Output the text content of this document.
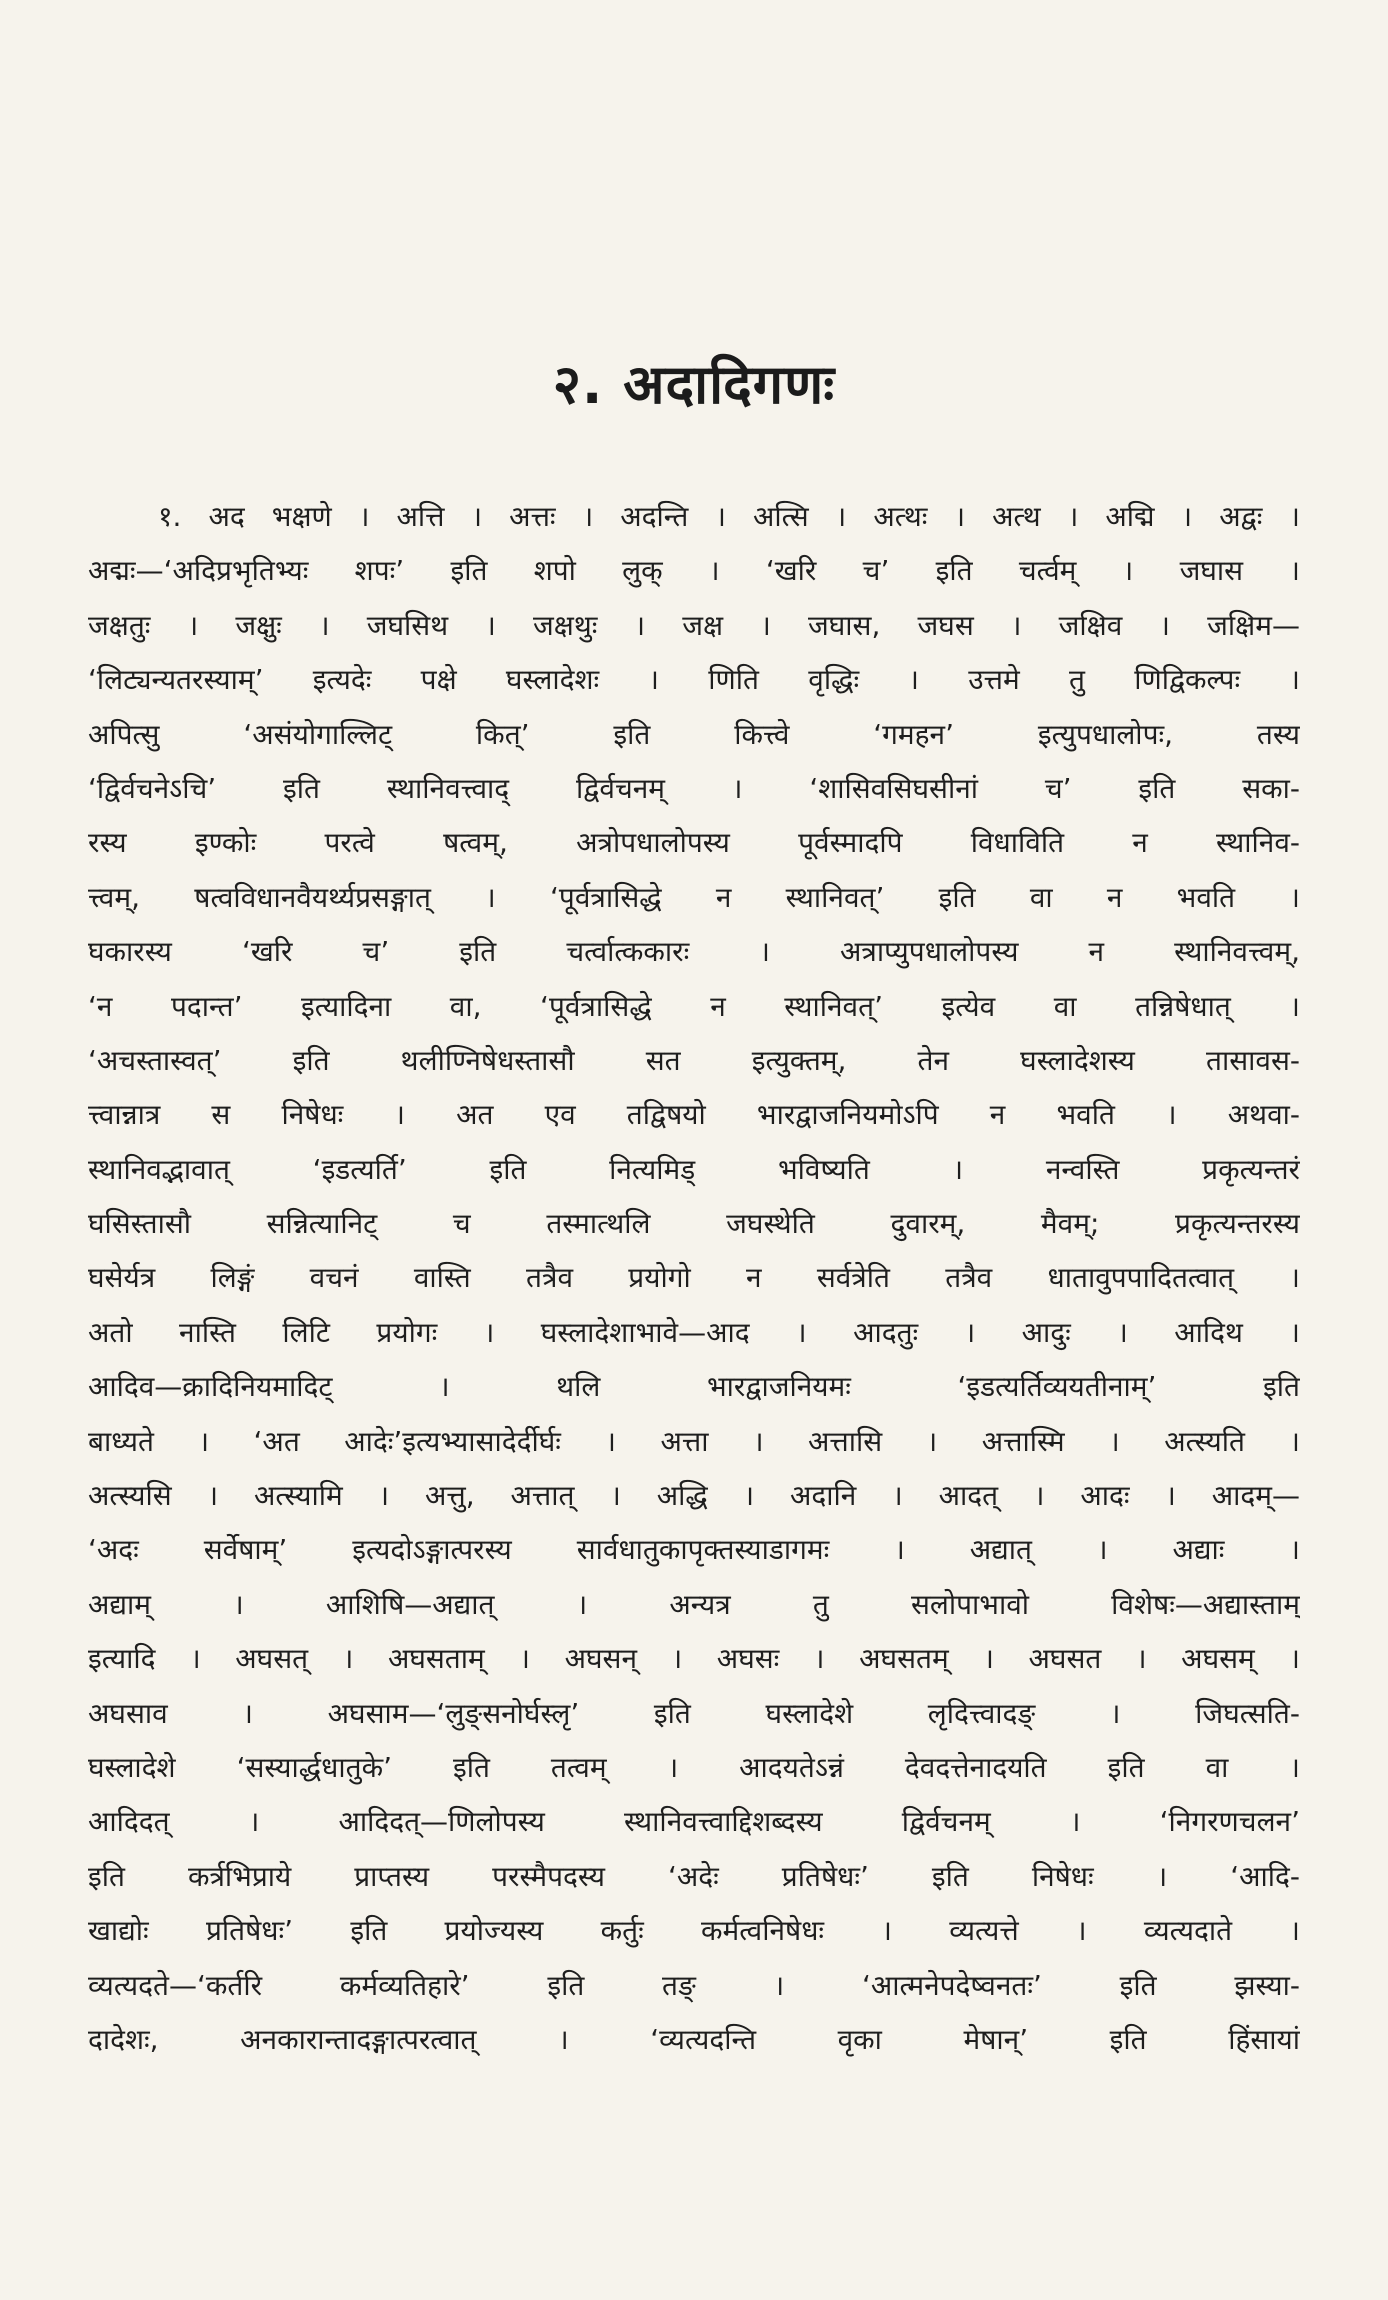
२. अदादिगणः
१. अद भक्षणे । अत्ति । अत्तः । अदन्ति । अत्सि । अत्थः । अत्थ । अद्मि । अद्वः ।
अद्मः—‘अदिप्रभृतिभ्यः शपः’ इति शपो लुक् । ‘खरि च’ इति चर्त्वम् । जघास ।
जक्षतुः । जक्षुः । जघसिथ । जक्षथुः । जक्ष । जघास, जघस । जक्षिव । जक्षिम—
‘लिट्यन्यतरस्याम्’ इत्यदेः पक्षे घस्लादेशः । णिति वृद्धिः । उत्तमे तु णिद्विकल्पः ।
अपित्सु ‘असंयोगाल्लिट् कित्’ इति कित्त्वे ‘गमहन’ इत्युपधालोपः, तस्य
‘द्विर्वचनेऽचि’ इति स्थानिवत्त्वाद् द्विर्वचनम् । ‘शासिवसिघसीनां च’ इति सका-
रस्य इण्कोः परत्वे षत्वम्, अत्रोपधालोपस्य पूर्वस्मादपि विधाविति न स्थानिव-
त्त्वम्, षत्वविधानवैयर्थ्यप्रसङ्गात् । ‘पूर्वत्रासिद्धे न स्थानिवत्’ इति वा न भवति ।
घकारस्य ‘खरि च’ इति चर्त्वात्ककारः । अत्राप्युपधालोपस्य न स्थानिवत्त्वम्,
‘न पदान्त’ इत्यादिना वा, ‘पूर्वत्रासिद्धे न स्थानिवत्’ इत्येव वा तन्निषेधात् ।
‘अचस्तास्वत्’ इति थलीण्निषेधस्तासौ सत इत्युक्तम्, तेन घस्लादेशस्य तासावस-
त्त्वान्नात्र स निषेधः । अत एव तद्विषयो भारद्वाजनियमोऽपि न भवति । अथवा-
स्थानिवद्भावात् ‘इडत्यर्ति’ इति नित्यमिड् भविष्यति । नन्वस्ति प्रकृत्यन्तरं
घसिस्तासौ सन्नित्यानिट् च तस्मात्थलि जघस्थेति दुवारम्, मैवम्; प्रकृत्यन्तरस्य
घसेर्यत्र लिङ्गं वचनं वास्ति तत्रैव प्रयोगो न सर्वत्रेति तत्रैव धातावुपपादितत्वात् ।
अतो नास्ति लिटि प्रयोगः । घस्लादेशाभावे—आद । आदतुः । आदुः । आदिथ ।
आदिव—क्रादिनियमादिट् । थलि भारद्वाजनियमः ‘इडत्यर्तिव्ययतीनाम्’ इति
बाध्यते । ‘अत आदेः’इत्यभ्यासादेर्दीर्घः । अत्ता । अत्तासि । अत्तास्मि । अत्स्यति ।
अत्स्यसि । अत्स्यामि । अत्तु, अत्तात् । अद्धि । अदानि । आदत् । आदः । आदम्—
‘अदः सर्वेषाम्’ इत्यदोऽङ्गात्परस्य सार्वधातुकापृक्तस्याडागमः । अद्यात् । अद्याः ।
अद्याम् । आशिषि—अद्यात् । अन्यत्र तु सलोपाभावो विशेषः—अद्यास्ताम्
इत्यादि । अघसत् । अघसताम् । अघसन् । अघसः । अघसतम् । अघसत । अघसम् ।
अघसाव । अघसाम—‘लुङ्सनोर्घस्लृ’ इति घस्लादेशे लृदित्त्वादङ् । जिघत्सति-
घस्लादेशे ‘सस्यार्द्धधातुके’ इति तत्वम् । आदयतेऽन्नं देवदत्तेनादयति इति वा ।
आदिदत् । आदिदत्—णिलोपस्य स्थानिवत्त्वाद्दिशब्दस्य द्विर्वचनम् । ‘निगरणचलन’
इति कर्त्रभिप्राये प्राप्तस्य परस्मैपदस्य ‘अदेः प्रतिषेधः’ इति निषेधः । ‘आदि-
खाद्योः प्रतिषेधः’ इति प्रयोज्यस्य कर्तुः कर्मत्वनिषेधः । व्यत्यत्ते । व्यत्यदाते ।
व्यत्यदते—‘कर्तरि कर्मव्यतिहारे’ इति तङ् । ‘आत्मनेपदेष्वनतः’ इति झस्या-
दादेशः, अनकारान्तादङ्गात्परत्वात् । ‘व्यत्यदन्ति वृका मेषान्’ इति हिंसायां
